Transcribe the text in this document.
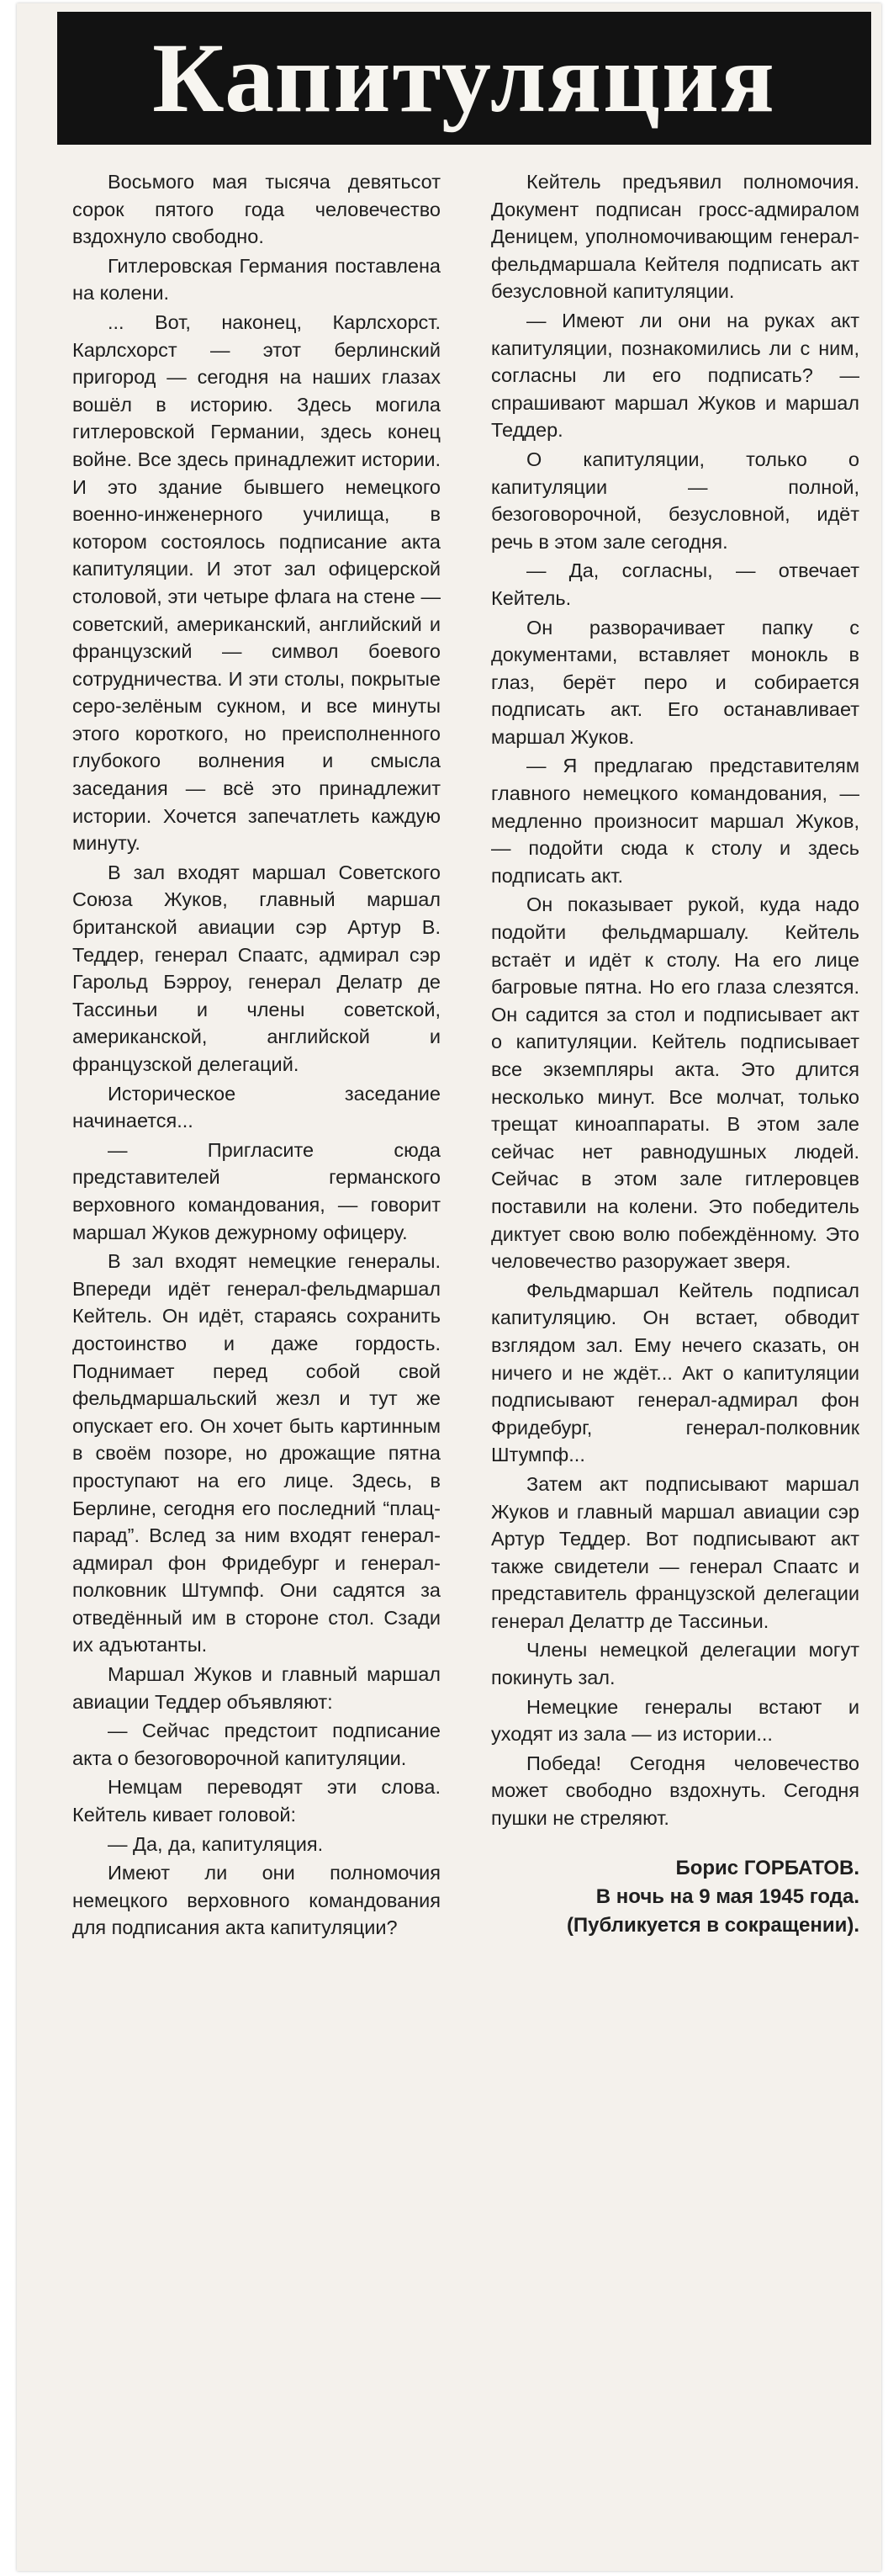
Капитуляция

Восьмого мая тысяча девятьсот сорок пятого года человечество вздохнуло свободно.

Гитлеровская Германия поставлена на колени.

... Вот, наконец, Карлсхорст. Карлсхорст — этот берлинский пригород — сегодня на наших глазах вошёл в историю. Здесь могила гитлеровской Германии, здесь конец войне. Все здесь принадлежит истории. И это здание бывшего немецкого военно-инженерного училища, в котором состоялось подписание акта капитуляции. И этот зал офицерской столовой, эти четыре флага на стене — советский, американский, английский и французский — символ боевого сотрудничества. И эти столы, покрытые серо-зелёным сукном, и все минуты этого короткого, но преисполненного глубокого волнения и смысла заседания — всё это принадлежит истории. Хочется запечатлеть каждую минуту.

В зал входят маршал Советского Союза Жуков, главный маршал британской авиации сэр Артур В. Теддер, генерал Спаатс, адмирал сэр Гарольд Бэрроу, генерал Делатр де Тассиньи и члены советской, американской, английской и французской делегаций.

Историческое заседание начинается...

— Пригласите сюда представителей германского верховного командования, — говорит маршал Жуков дежурному офицеру.

В зал входят немецкие генералы. Впереди идёт генерал-фельдмаршал Кейтель. Он идёт, стараясь сохранить достоинство и даже гордость. Поднимает перед собой свой фельдмаршальский жезл и тут же опускает его. Он хочет быть картинным в своём позоре, но дрожащие пятна проступают на его лице. Здесь, в Берлине, сегодня его последний “плац-парад”. Вслед за ним входят генерал-адмирал фон Фридебург и генерал-полковник Штумпф. Они садятся за отведённый им в стороне стол. Сзади их адъютанты.

Маршал Жуков и главный маршал авиации Теддер объявляют:

— Сейчас предстоит подписание акта о безоговорочной капитуляции.

Немцам переводят эти слова. Кейтель кивает головой:

— Да, да, капитуляция.

Имеют ли они полномочия немецкого верховного командования для подписания акта капитуляции?

Кейтель предъявил полномочия. Документ подписан гросс-адмиралом Деницем, уполномочивающим генерал-фельдмаршала Кейтеля подписать акт безусловной капитуляции.

— Имеют ли они на руках акт капитуляции, познакомились ли с ним, согласны ли его подписать? — спрашивают маршал Жуков и маршал Теддер.

О капитуляции, только о капитуляции — полной, безоговорочной, безусловной, идёт речь в этом зале сегодня.

— Да, согласны, — отвечает Кейтель.

Он разворачивает папку с документами, вставляет монокль в глаз, берёт перо и собирается подписать акт. Его останавливает маршал Жуков.

— Я предлагаю представителям главного немецкого командования, — медленно произносит маршал Жуков, — подойти сюда к столу и здесь подписать акт.

Он показывает рукой, куда надо подойти фельдмаршалу. Кейтель встаёт и идёт к столу. На его лице багровые пятна. Но его глаза слезятся. Он садится за стол и подписывает акт о капитуляции. Кейтель подписывает все экземпляры акта. Это длится несколько минут. Все молчат, только трещат киноаппараты. В этом зале сейчас нет равнодушных людей. Сейчас в этом зале гитлеровцев поставили на колени. Это победитель диктует свою волю побеждённому. Это человечество разоружает зверя.

Фельдмаршал Кейтель подписал капитуляцию. Он встает, обводит взглядом зал. Ему нечего сказать, он ничего и не ждёт... Акт о капитуляции подписывают генерал-адмирал фон Фридебург, генерал-полковник Штумпф...

Затем акт подписывают маршал Жуков и главный маршал авиации сэр Артур Теддер. Вот подписывают акт также свидетели — генерал Спаатс и представитель французской делегации генерал Делаттр де Тассиньи.

Члены немецкой делегации могут покинуть зал.

Немецкие генералы встают и уходят из зала — из истории...

Победа! Сегодня человечество может свободно вздохнуть. Сегодня пушки не стреляют.

Борис ГОРБАТОВ.
В ночь на 9 мая 1945 года.
(Публикуется в сокращении).
